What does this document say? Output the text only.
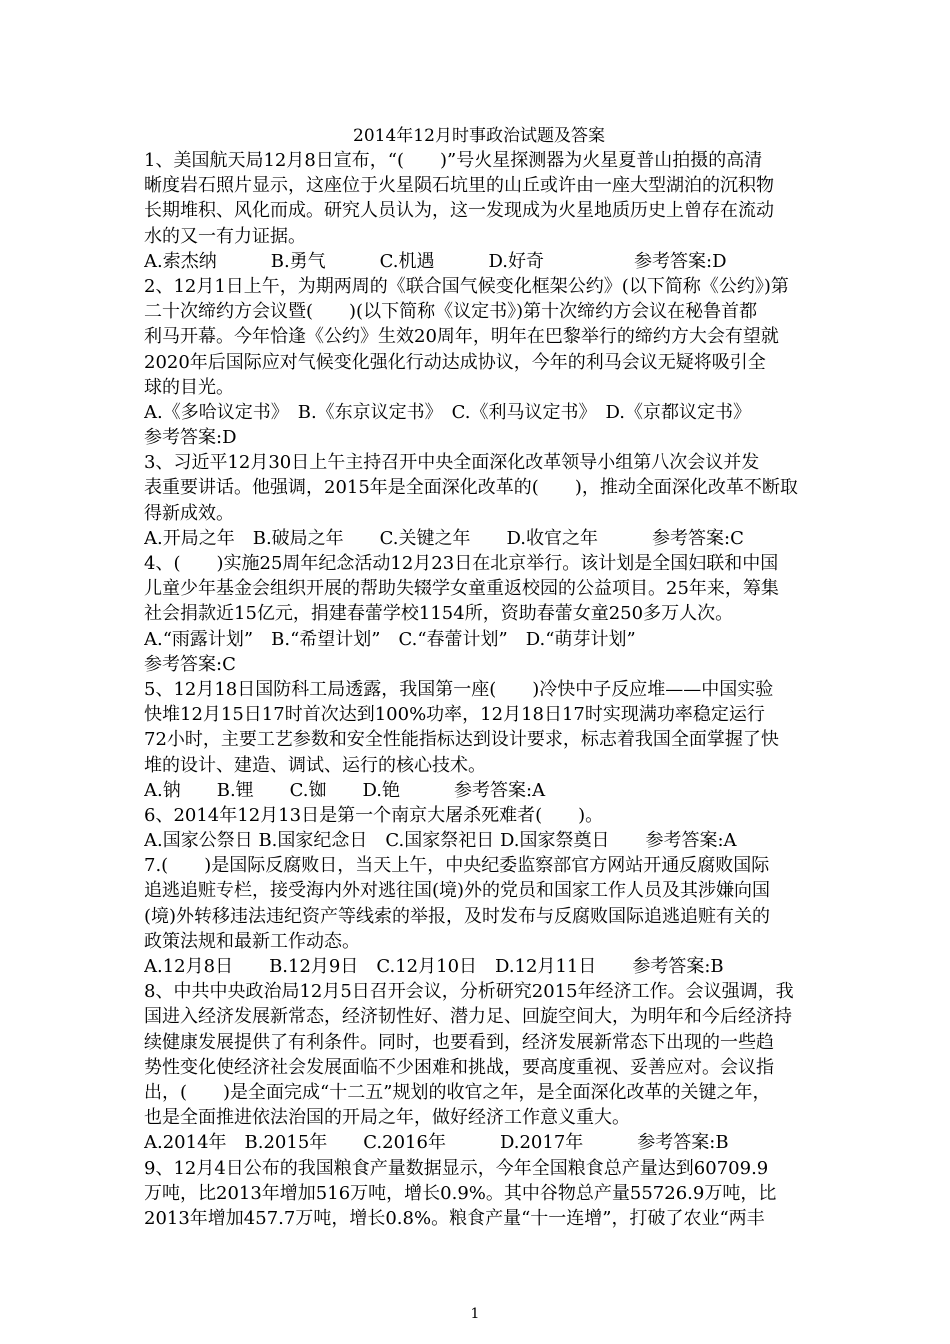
2014年12月时事政治试题及答案
1、美国航天局12月8日宣布，“(　　)”号火星探测器为火星夏普山拍摄的高清
晰度岩石照片显示，这座位于火星陨石坑里的山丘或许由一座大型湖泊的沉积物
长期堆积、风化而成。研究人员认为，这一发现成为火星地质历史上曾存在流动
水的又一有力证据。
A.索杰纳　　　B.勇气　　　C.机遇　　　D.好奇　　　　　参考答案:D
2、12月1日上午，为期两周的《联合国气候变化框架公约》(以下简称《公约》)第
二十次缔约方会议暨(　　)(以下简称《议定书》)第十次缔约方会议在秘鲁首都
利马开幕。今年恰逢《公约》生效20周年，明年在巴黎举行的缔约方大会有望就
2020年后国际应对气候变化强化行动达成协议，今年的利马会议无疑将吸引全
球的目光。
A.《多哈议定书》　B.《东京议定书》　C.《利马议定书》　D.《京都议定书》
参考答案:D
3、习近平12月30日上午主持召开中央全面深化改革领导小组第八次会议并发
表重要讲话。他强调，2015年是全面深化改革的(　　)，推动全面深化改革不断取
得新成效。
A.开局之年　B.破局之年　　C.关键之年　　D.收官之年　　　参考答案:C
4、(　　)实施25周年纪念活动12月23日在北京举行。该计划是全国妇联和中国
儿童少年基金会组织开展的帮助失辍学女童重返校园的公益项目。25年来，筹集
社会捐款近15亿元，捐建春蕾学校1154所，资助春蕾女童250多万人次。
A.“雨露计划”　B.“希望计划”　C.“春蕾计划”　D.“萌芽计划”
参考答案:C
5、12月18日国防科工局透露，我国第一座(　　)冷快中子反应堆——中国实验
快堆12月15日17时首次达到100%功率，12月18日17时实现满功率稳定运行
72小时，主要工艺参数和安全性能指标达到设计要求，标志着我国全面掌握了快
堆的设计、建造、调试、运行的核心技术。
A.钠　　B.锂　　C.铷　　D.铯　　　参考答案:A
6、2014年12月13日是第一个南京大屠杀死难者(　　)。
A.国家公祭日 B.国家纪念日　C.国家祭祀日 D.国家祭奠日　　参考答案:A
7.(　　)是国际反腐败日，当天上午，中央纪委监察部官方网站开通反腐败国际
追逃追赃专栏，接受海内外对逃往国(境)外的党员和国家工作人员及其涉嫌向国
(境)外转移违法违纪资产等线索的举报，及时发布与反腐败国际追逃追赃有关的
政策法规和最新工作动态。
A.12月8日　　B.12月9日　C.12月10日　D.12月11日　　参考答案:B
8、中共中央政治局12月5日召开会议，分析研究2015年经济工作。会议强调，我
国进入经济发展新常态，经济韧性好、潜力足、回旋空间大，为明年和今后经济持
续健康发展提供了有利条件。同时，也要看到，经济发展新常态下出现的一些趋
势性变化使经济社会发展面临不少困难和挑战，要高度重视、妥善应对。会议指
出，(　　)是全面完成“十二五”规划的收官之年，是全面深化改革的关键之年，
也是全面推进依法治国的开局之年，做好经济工作意义重大。
A.2014年　B.2015年　　C.2016年　　　D.2017年　　　参考答案:B
9、12月4日公布的我国粮食产量数据显示，今年全国粮食总产量达到60709.9
万吨，比2013年增加516万吨，增长0.9%。其中谷物总产量55726.9万吨，比
2013年增加457.7万吨，增长0.8%。粮食产量“十一连增”，打破了农业“两丰
1
